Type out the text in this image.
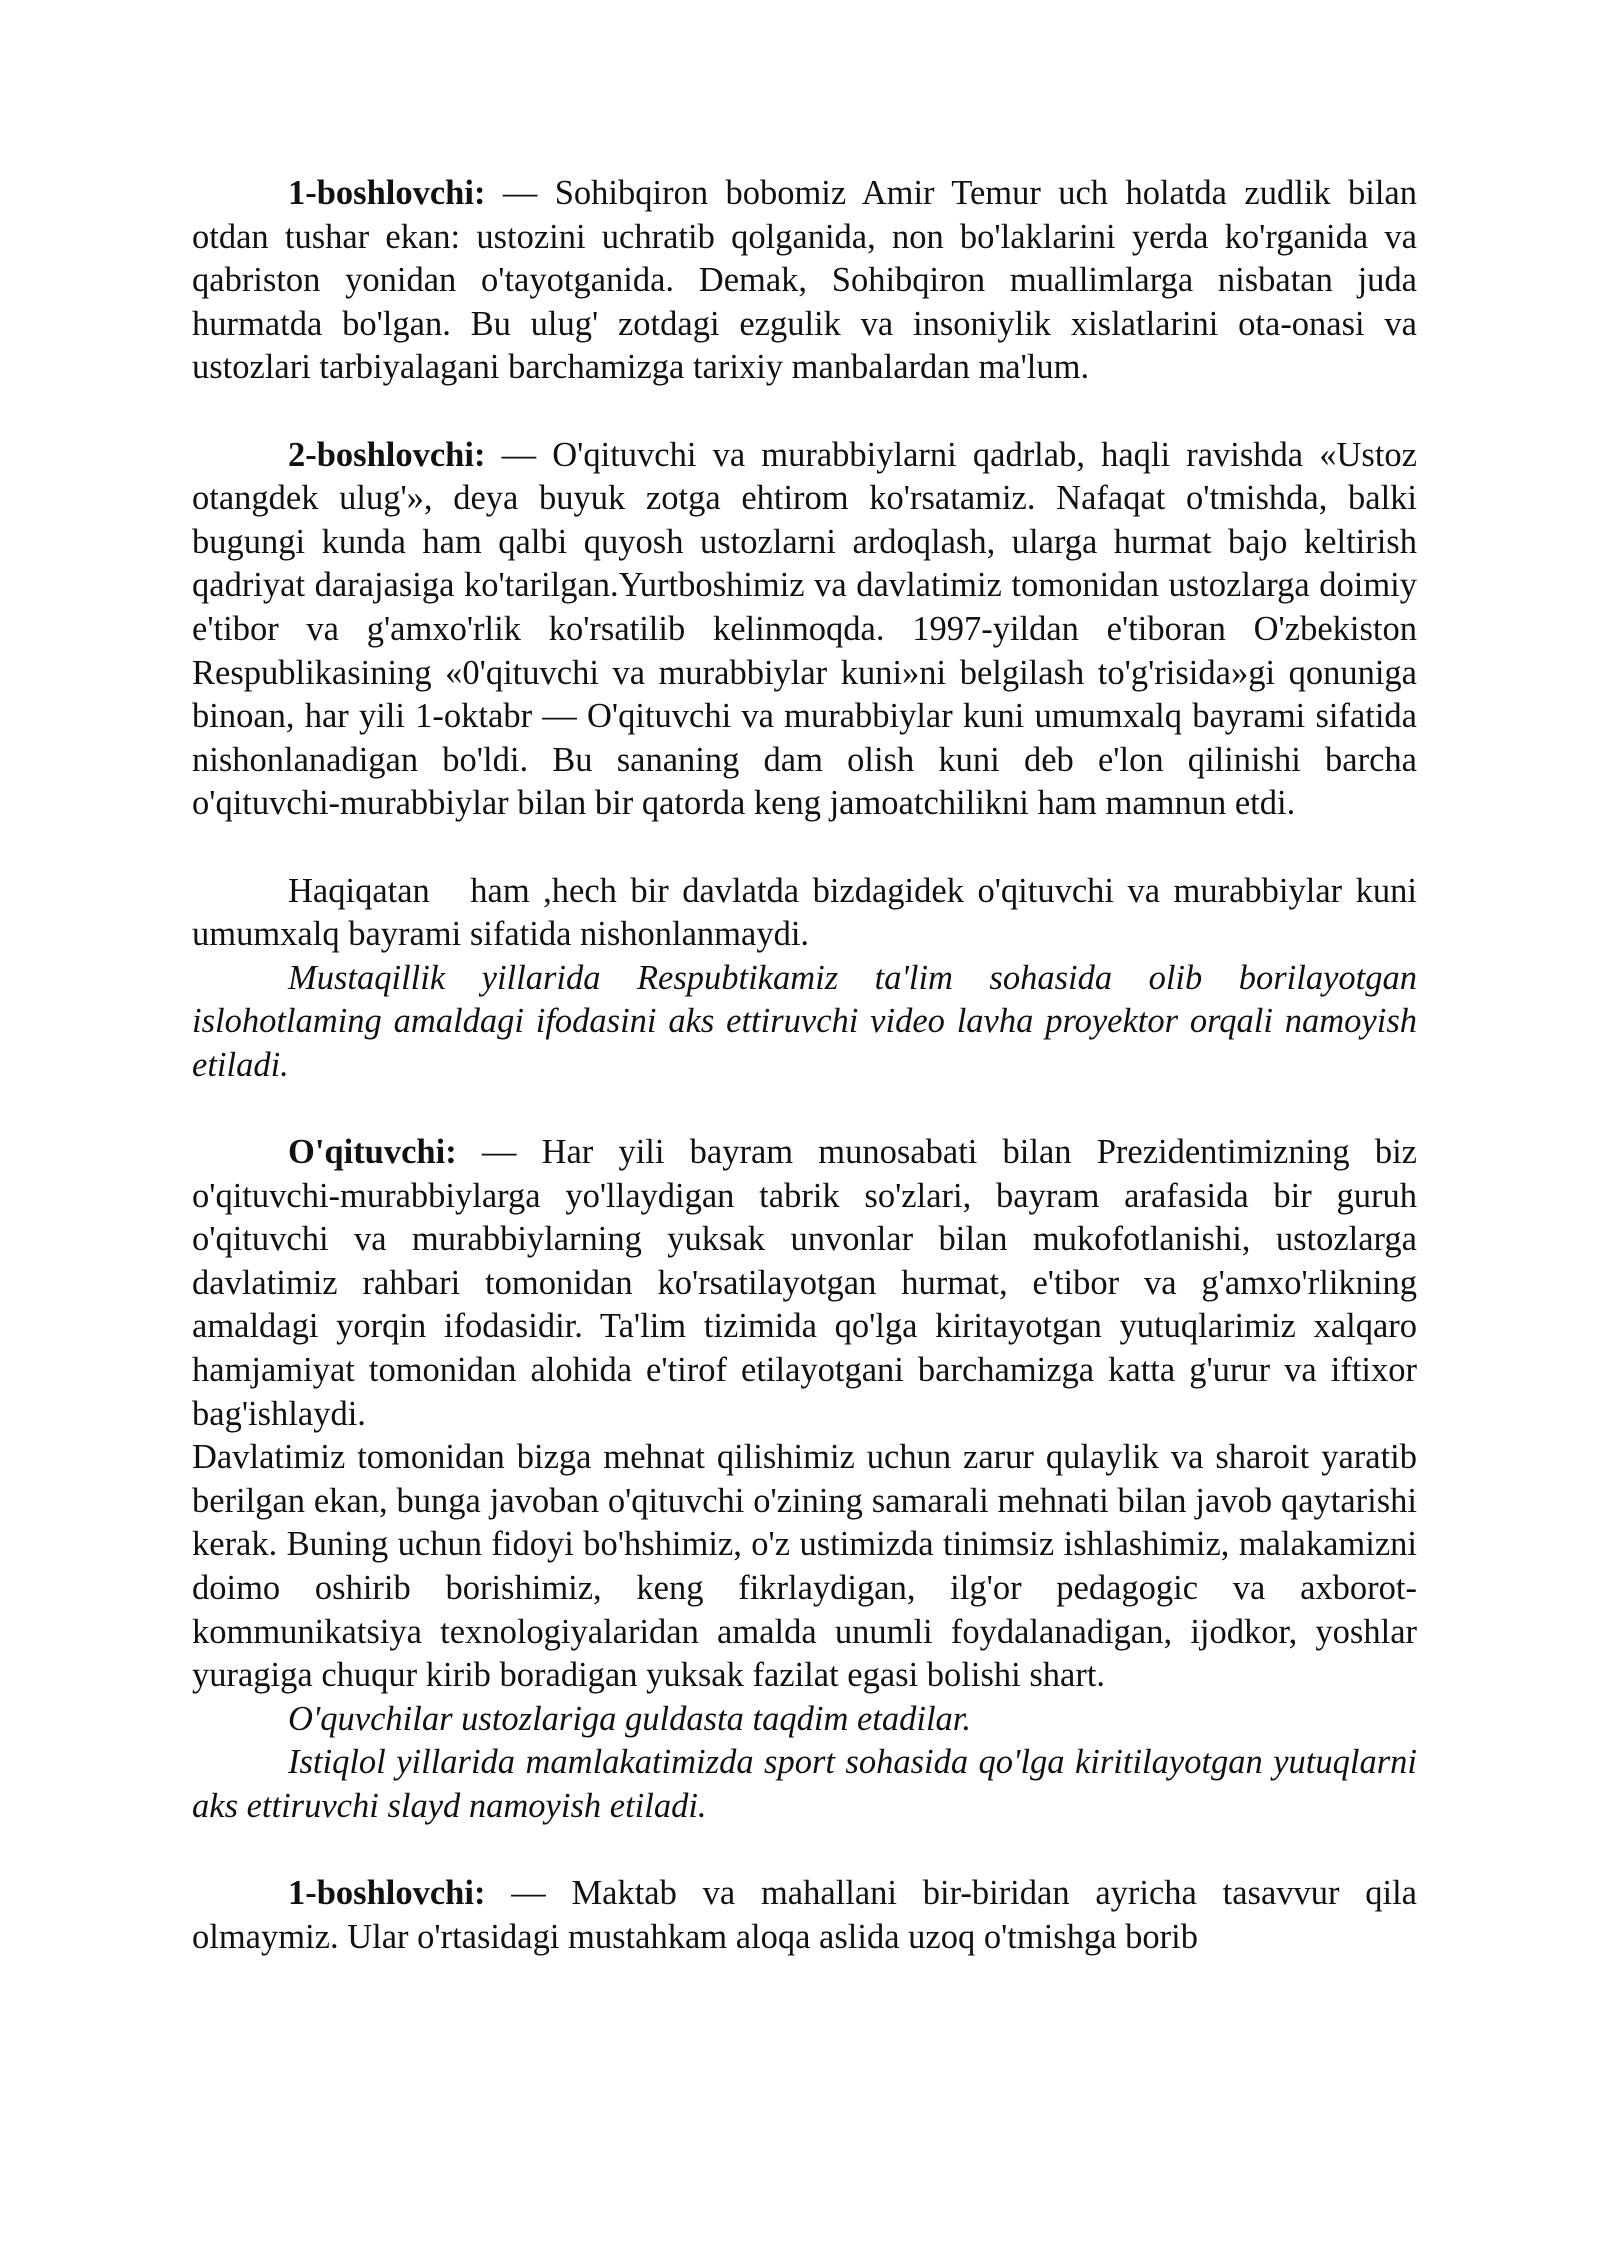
1-boshlovchi: — Sohibqiron bobomiz Amir Temur uch holatda zudlik bilan otdan tushar ekan: ustozini uchratib qolganida, non bo'laklarini yerda ko'rganida va qabriston yonidan o'tayotganida. Demak, Sohibqiron muallimlarga nisbatan juda hurmatda bo'lgan. Bu ulug' zotdagi ezgulik va insoniylik xislatlarini ota-onasi va ustozlari tarbiyalagani barchamizga tarixiy manbalardan ma'lum.

2-boshlovchi: — O'qituvchi va murabbiylarni qadrlab, haqli ravishda «Ustoz otangdek ulug'», deya buyuk zotga ehtirom ko'rsatamiz. Nafaqat o'tmishda, balki bugungi kunda ham qalbi quyosh ustozlarni ardoqlash, ularga hurmat bajo keltirish qadriyat darajasiga ko'tarilgan.Yurtboshimiz va davlatimiz tomonidan ustozlarga doimiy e'tibor va g'amxo'rlik ko'rsatilib kelinmoqda. 1997-yildan e'tiboran O'zbekiston Respublikasining «0'qituvchi va murabbiylar kuni»ni belgilash to'g'risida»gi qonuniga binoan, har yili 1-oktabr — O'qituvchi va murabbiylar kuni umumxalq bayrami sifatida nishonlanadigan bo'ldi. Bu sananing dam olish kuni deb e'lon qilinishi barcha o'qituvchi-murabbiylar bilan bir qatorda keng jamoatchilikni ham mamnun etdi.

Haqiqatan   ham ,hech bir davlatda bizdagidek o'qituvchi va murabbiylar kuni umumxalq bayrami sifatida nishonlanmaydi.

Mustaqillik yillarida Respubtikamiz ta'lim sohasida olib borilayotgan islohotlaming amaldagi ifodasini aks ettiruvchi video lavha proyektor orqali namoyish etiladi.

O'qituvchi: — Har yili bayram munosabati bilan Prezidentimizning biz o'qituvchi-murabbiylarga yo'llaydigan tabrik so'zlari, bayram arafasida bir guruh o'qituvchi va murabbiylarning yuksak unvonlar bilan mukofotlanishi, ustozlarga davlatimiz rahbari tomonidan ko'rsatilayotgan hurmat, e'tibor va g'amxo'rlikning amaldagi yorqin ifodasidir. Ta'lim tizimida qo'lga kiritayotgan yutuqlarimiz xalqaro hamjamiyat tomonidan alohida e'tirof etilayotgani barchamizga katta g'urur va iftixor bag'ishlaydi.

Davlatimiz tomonidan bizga mehnat qilishimiz uchun zarur qulaylik va sharoit yaratib berilgan ekan, bunga javoban o'qituvchi o'zining samarali mehnati bilan javob qaytarishi kerak. Buning uchun fidoyi bo'hshimiz, o'z ustimizda tinimsiz ishlashimiz, malakamizni doimo oshirib borishimiz, keng fikrlaydigan, ilg'or pedagogic va axborot-kommunikatsiya texnologiyalaridan amalda unumli foydalanadigan, ijodkor, yoshlar yuragiga chuqur kirib boradigan yuksak fazilat egasi bolishi shart.

O'quvchilar ustozlariga guldasta taqdim etadilar.

Istiqlol yillarida mamlakatimizda sport sohasida qo'lga kiritilayotgan yutuqlarni aks ettiruvchi slayd namoyish etiladi.

1-boshlovchi: — Maktab va mahallani bir-biridan ayricha tasavvur qila olmaymiz. Ular o'rtasidagi mustahkam aloqa aslida uzoq o'tmishga borib
